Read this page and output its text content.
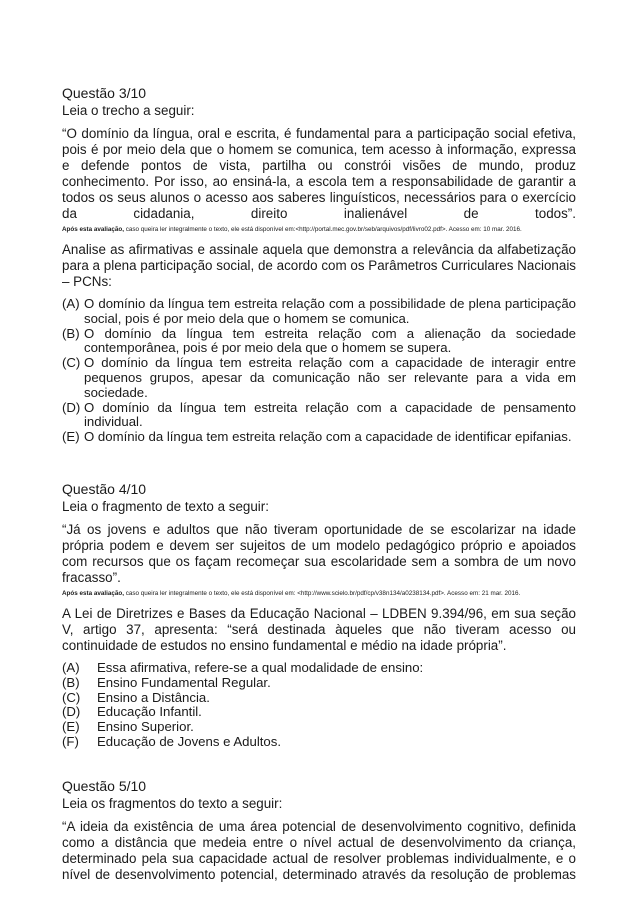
Questão 3/10

Leia o trecho a seguir:

“O domínio da língua, oral e escrita, é fundamental para a participação social efetiva, pois é por meio dela que o homem se comunica, tem acesso à informação, expressa e defende pontos de vista, partilha ou constrói visões de mundo, produz conhecimento. Por isso, ao ensiná-la, a escola tem a responsabilidade de garantir a todos os seus alunos o acesso aos saberes linguísticos, necessários para o exercício da cidadania, direito inalienável de todos”.

Após esta avaliação, caso queira ler integralmente o texto, ele está disponível em:<http://portal.mec.gov.br/seb/arquivos/pdf/livro02.pdf>. Acesso em: 10 mar. 2016.

Analise as afirmativas e assinale aquela que demonstra a relevância da alfabetização para a plena participação social, de acordo com os Parâmetros Curriculares Nacionais – PCNs:

(A) O domínio da língua tem estreita relação com a possibilidade de plena participação social, pois é por meio dela que o homem se comunica.
(B) O domínio da língua tem estreita relação com a alienação da sociedade contemporânea, pois é por meio dela que o homem se supera.
(C) O domínio da língua tem estreita relação com a capacidade de interagir entre pequenos grupos, apesar da comunicação não ser relevante para a vida em sociedade.
(D) O domínio da língua tem estreita relação com a capacidade de pensamento individual.
(E) O domínio da língua tem estreita relação com a capacidade de identificar epifanias.

Questão 4/10

Leia o fragmento de texto a seguir:

“Já os jovens e adultos que não tiveram oportunidade de se escolarizar na idade própria podem e devem ser sujeitos de um modelo pedagógico próprio e apoiados com recursos que os façam recomeçar sua escolaridade sem a sombra de um novo fracasso”.

Após esta avaliação, caso queira ler integralmente o texto, ele está disponível em: <http://www.scielo.br/pdf/cp/v38n134/a0238134.pdf>. Acesso em: 21 mar. 2016.

A Lei de Diretrizes e Bases da Educação Nacional – LDBEN 9.394/96, em sua seção V, artigo 37, apresenta: “será destinada àqueles que não tiveram acesso ou continuidade de estudos no ensino fundamental e médio na idade própria”.

(A)	Essa afirmativa, refere-se a qual modalidade de ensino:
(B)	Ensino Fundamental Regular.
(C)	Ensino a Distância.
(D)	Educação Infantil.
(E)	Ensino Superior.
(F)	Educação de Jovens e Adultos.

Questão 5/10

Leia os fragmentos do texto a seguir:

“A ideia da existência de uma área potencial de desenvolvimento cognitivo, definida como a distância que medeia entre o nível actual de desenvolvimento da criança, determinado pela sua capacidade actual de resolver problemas individualmente, e o nível de desenvolvimento potencial, determinado através da resolução de problemas
